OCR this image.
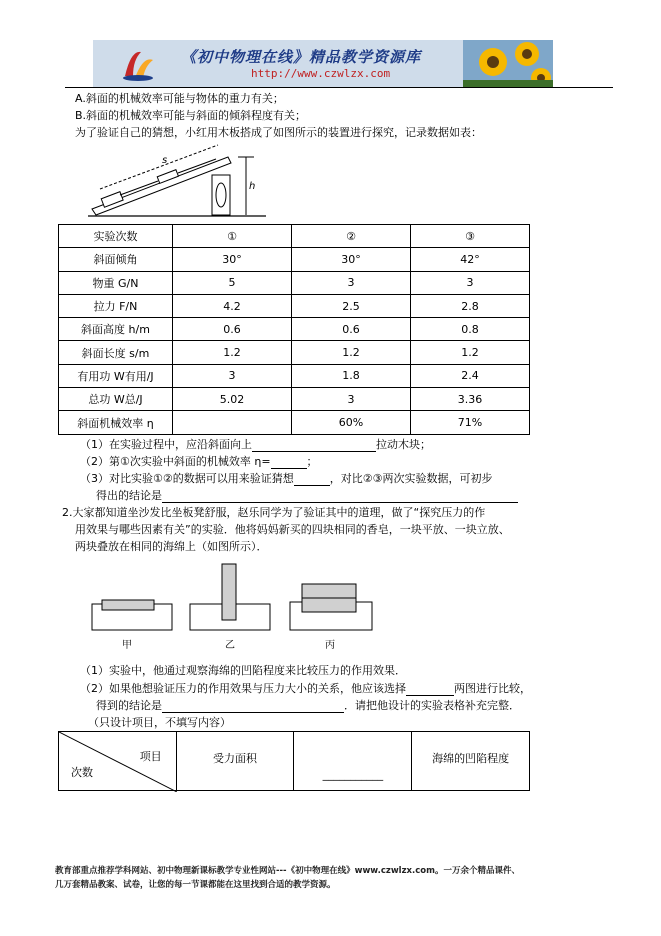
《初中物理在线》精品教学资源库
http://www.czwlzx.com
A.斜面的机械效率可能与物体的重力有关；
B.斜面的机械效率可能与斜面的倾斜程度有关；
为了验证自己的猜想，小红用木板搭成了如图所示的装置进行探究，记录数据如表：
s
h
实验次数	①	②	③
斜面倾角	30°	30°	42°
物重 G/N	5	3	3
拉力 F/N	4.2	2.5	2.8
斜面高度 h/m	0.6	0.6	0.8
斜面长度 s/m	1.2	1.2	1.2
有用功 W有用/J	3	1.8	2.4
总功 W总/J	5.02	3	3.36
斜面机械效率 η		60%	71%
（1）在实验过程中，应沿斜面向上	拉动木块；
（2）第①次实验中斜面的机械效率 η=	；
（3）对比实验①②的数据可以用来验证猜想	，对比②③两次实验数据，可初步
得出的结论是
2.大家都知道坐沙发比坐板凳舒服，赵乐同学为了验证其中的道理，做了“探究压力的作
用效果与哪些因素有关”的实验．他将妈妈新买的四块相同的香皂，一块平放、一块立放、
两块叠放在相同的海绵上（如图所示）．
甲	乙	丙
（1）实验中，他通过观察海绵的凹陷程度来比较压力的作用效果．
（2）如果他想验证压力的作用效果与压力大小的关系，他应该选择	两图进行比较，
得到的结论是	．请把他设计的实验表格补充完整．
（只设计项目，不填写内容）
项目
次数
	受力面积	___________	海绵的凹陷程度
教育部重点推荐学科网站、初中物理新课标教学专业性网站---《初中物理在线》www.czwlzx.com。一万余个精品课件、
几万套精品教案、试卷，让您的每一节课都能在这里找到合适的教学资源。
